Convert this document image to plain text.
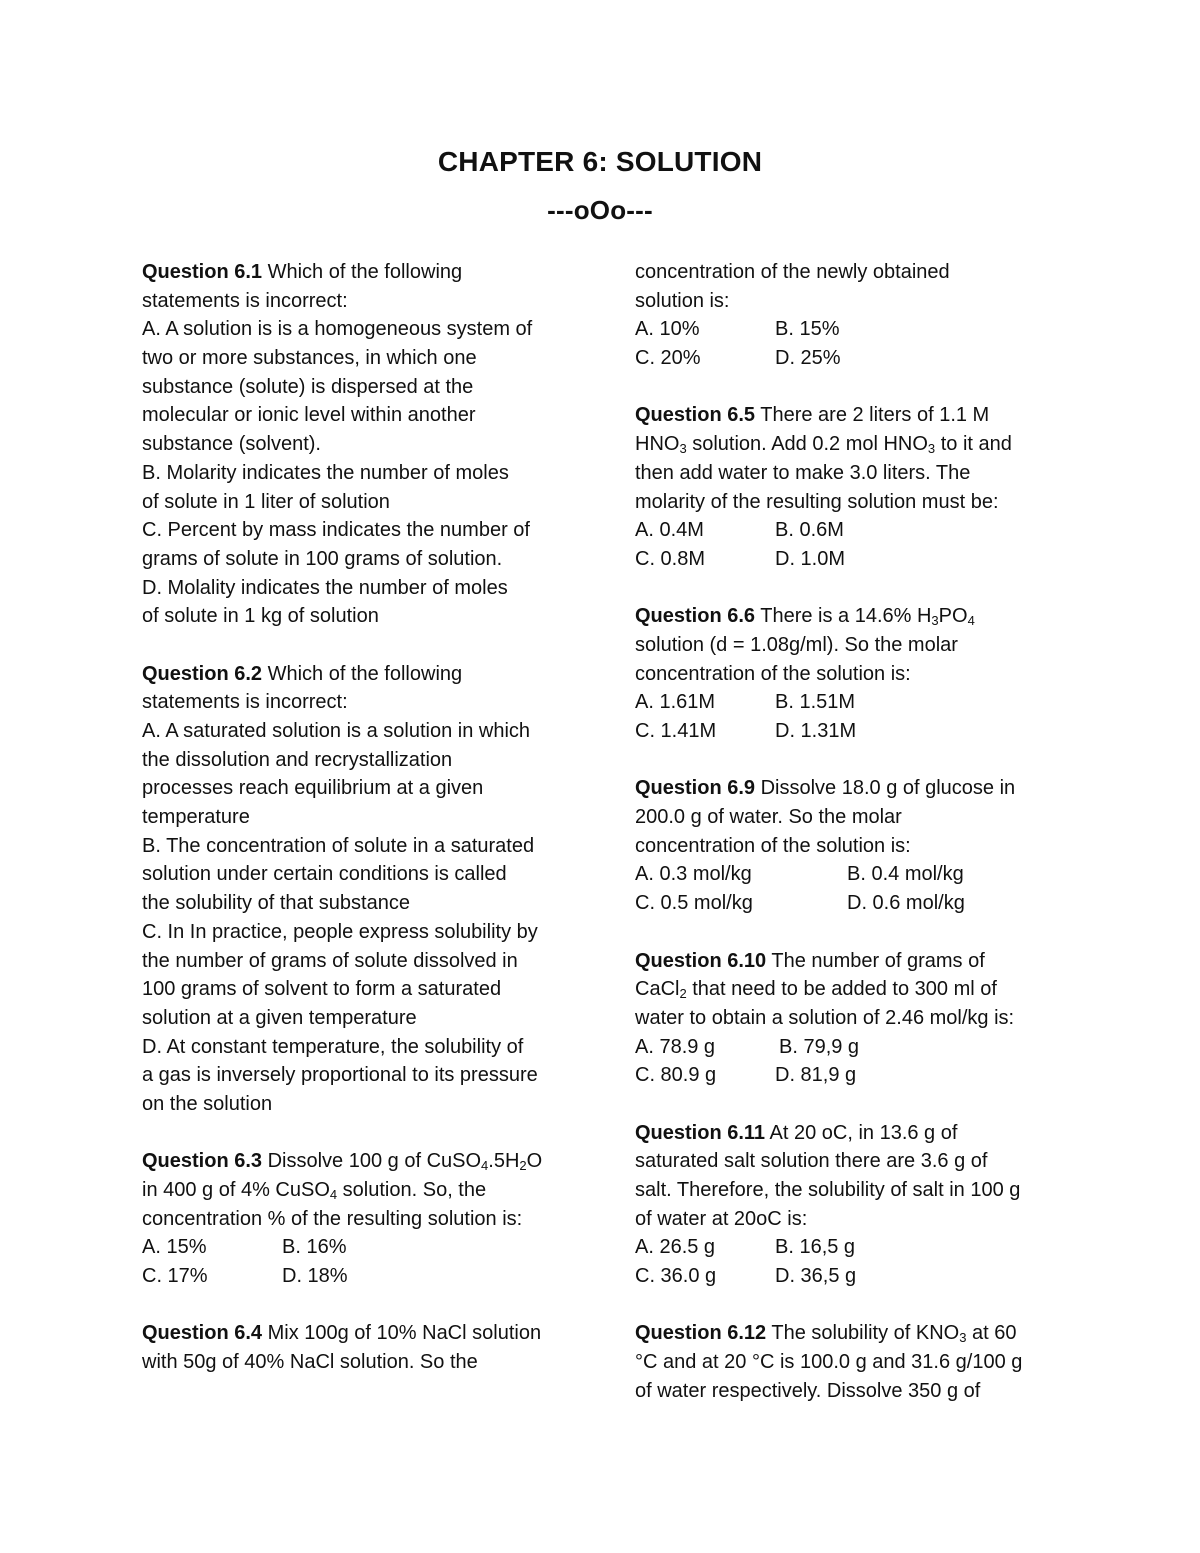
CHAPTER 6: SOLUTION
---oOo---
Question 6.1 Which of the following
statements is incorrect:
A. A solution is is a homogeneous system of
two or more substances, in which one
substance (solute) is dispersed at the
molecular or ionic level within another
substance (solvent).
B. Molarity indicates the number of moles
of solute in 1 liter of solution
C. Percent by mass indicates the number of
grams of solute in 100 grams of solution.
D. Molality indicates the number of moles
of solute in 1 kg of solution
Question 6.2 Which of the following
statements is incorrect:
A. A saturated solution is a solution in which
the dissolution and recrystallization
processes reach equilibrium at a given
temperature
B. The concentration of solute in a saturated
solution under certain conditions is called
the solubility of that substance
C. In In practice, people express solubility by
the number of grams of solute dissolved in
100 grams of solvent to form a saturated
solution at a given temperature
D. At constant temperature, the solubility of
a gas is inversely proportional to its pressure
on the solution
Question 6.3 Dissolve 100 g of $CuSO_4.5H_2O$
in 400 g of 4% CuSO$_4$ solution. So, the
concentration % of the resulting solution is:
A. 15%	B. 16%
C. 17%	D. 18%
Question 6.4 Mix 100g of 10% NaCl solution
with 50g of 40% NaCl solution. So the
concentration of the newly obtained
solution is:
A. 10%	B. 15%
C. 20%	D. 25%
Question 6.5 There are 2 liters of 1.1 M
$HNO_3$ solution. Add 0.2 mol $HNO_3$ to it and
then add water to make 3.0 liters. The
molarity of the resulting solution must be:
A. 0.4M	B. 0.6M
C. 0.8M	D. 1.0M
Question 6.6 There is a 14.6% $H_3PO_4$
solution (d = 1.08g/ml). So the molar
concentration of the solution is:
A. 1.61M	B. 1.51M
C. 1.41M	D. 1.31M
Question 6.9 Dissolve 18.0 g of glucose in
200.0 g of water. So the molar
concentration of the solution is:
A. 0.3 mol/kg	B. 0.4 mol/kg
C. 0.5 mol/kg	D. 0.6 mol/kg
Question 6.10 The number of grams of
CaCl$_2$ that need to be added to 300 ml of
water to obtain a solution of 2.46 mol/kg is:
A. 78.9 g	B. 79,9 g
C. 80.9 g	D. 81,9 g
Question 6.11 At 20 oC, in 13.6 g of
saturated salt solution there are 3.6 g of
salt. Therefore, the solubility of salt in 100 g
of water at 20oC is:
A. 26.5 g	B. 16,5 g
C. 36.0 g	D. 36,5 g
Question 6.12 The solubility of $KNO_3$ at 60
°C and at 20 °C is 100.0 g and 31.6 g/100 g
of water respectively. Dissolve 350 g of
